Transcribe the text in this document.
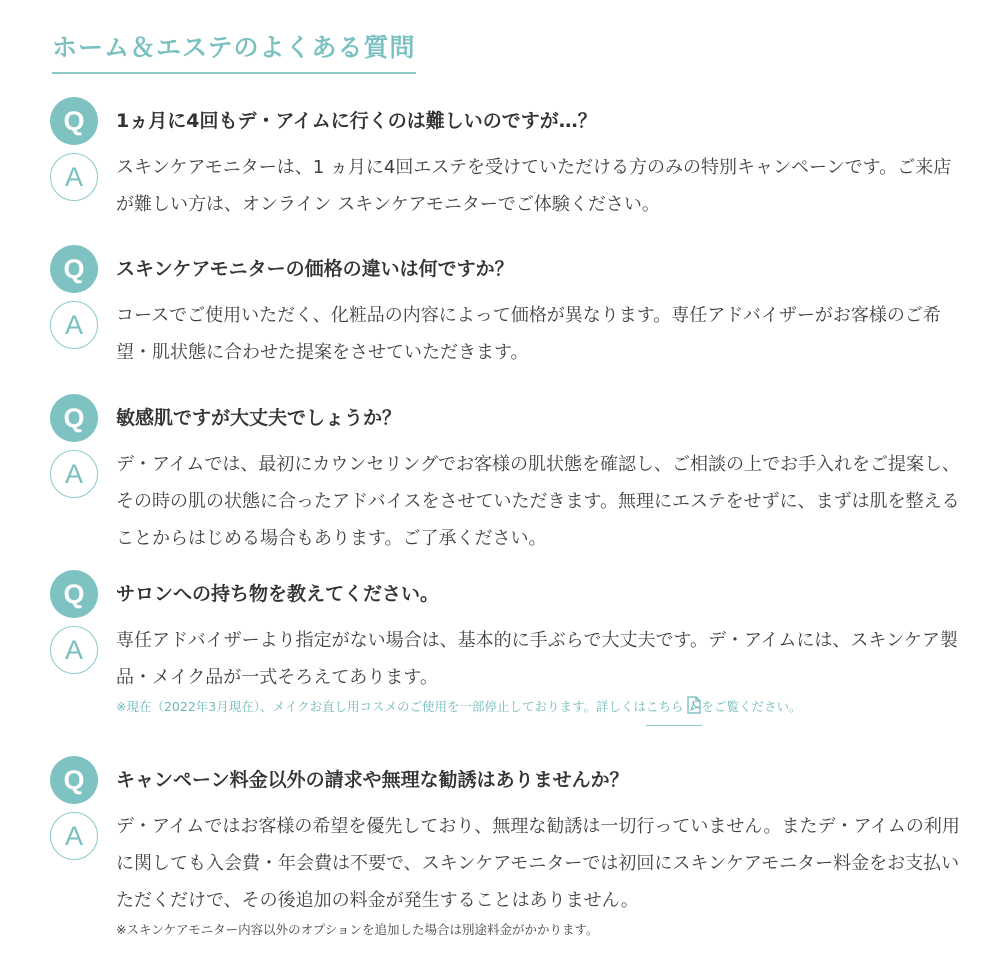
ホーム＆エステのよくある質問
Q	1ヵ月に4回もデ・アイムに行くのは難しいのですが…？
A	スキンケアモニターは、1 ヵ月に4回エステを受けていただける方のみの特別キャンペーンです。ご来店が難しい方は、オンライン スキンケアモニターでご体験ください。
Q	スキンケアモニターの価格の違いは何ですか？
A	コースでご使用いただく、化粧品の内容によって価格が異なります。専任アドバイザーがお客様のご希望・肌状態に合わせた提案をさせていただきます。
Q	敏感肌ですが大丈夫でしょうか？
A	デ・アイムでは、最初にカウンセリングでお客様の肌状態を確認し、ご相談の上でお手入れをご提案し、その時の肌の状態に合ったアドバイスをさせていただきます。無理にエステをせずに、まずは肌を整えることからはじめる場合もあります。ご了承ください。
Q	サロンへの持ち物を教えてください。
A	専任アドバイザーより指定がない場合は、基本的に手ぶらで大丈夫です。デ・アイムには、スキンケア製品・メイク品が一式そろえてあります。
※現在（2022年3月現在）、メイクお直し用コスメのご使用を一部停止しております。詳しくはこちら をご覧ください。
Q	キャンペーン料金以外の請求や無理な勧誘はありませんか？
A	デ・アイムではお客様の希望を優先しており、無理な勧誘は一切行っていません。またデ・アイムの利用に関しても入会費・年会費は不要で、スキンケアモニターでは初回にスキンケアモニター料金をお支払いただくだけで、その後追加の料金が発生することはありません。
※スキンケアモニター内容以外のオプションを追加した場合は別途料金がかかります。
